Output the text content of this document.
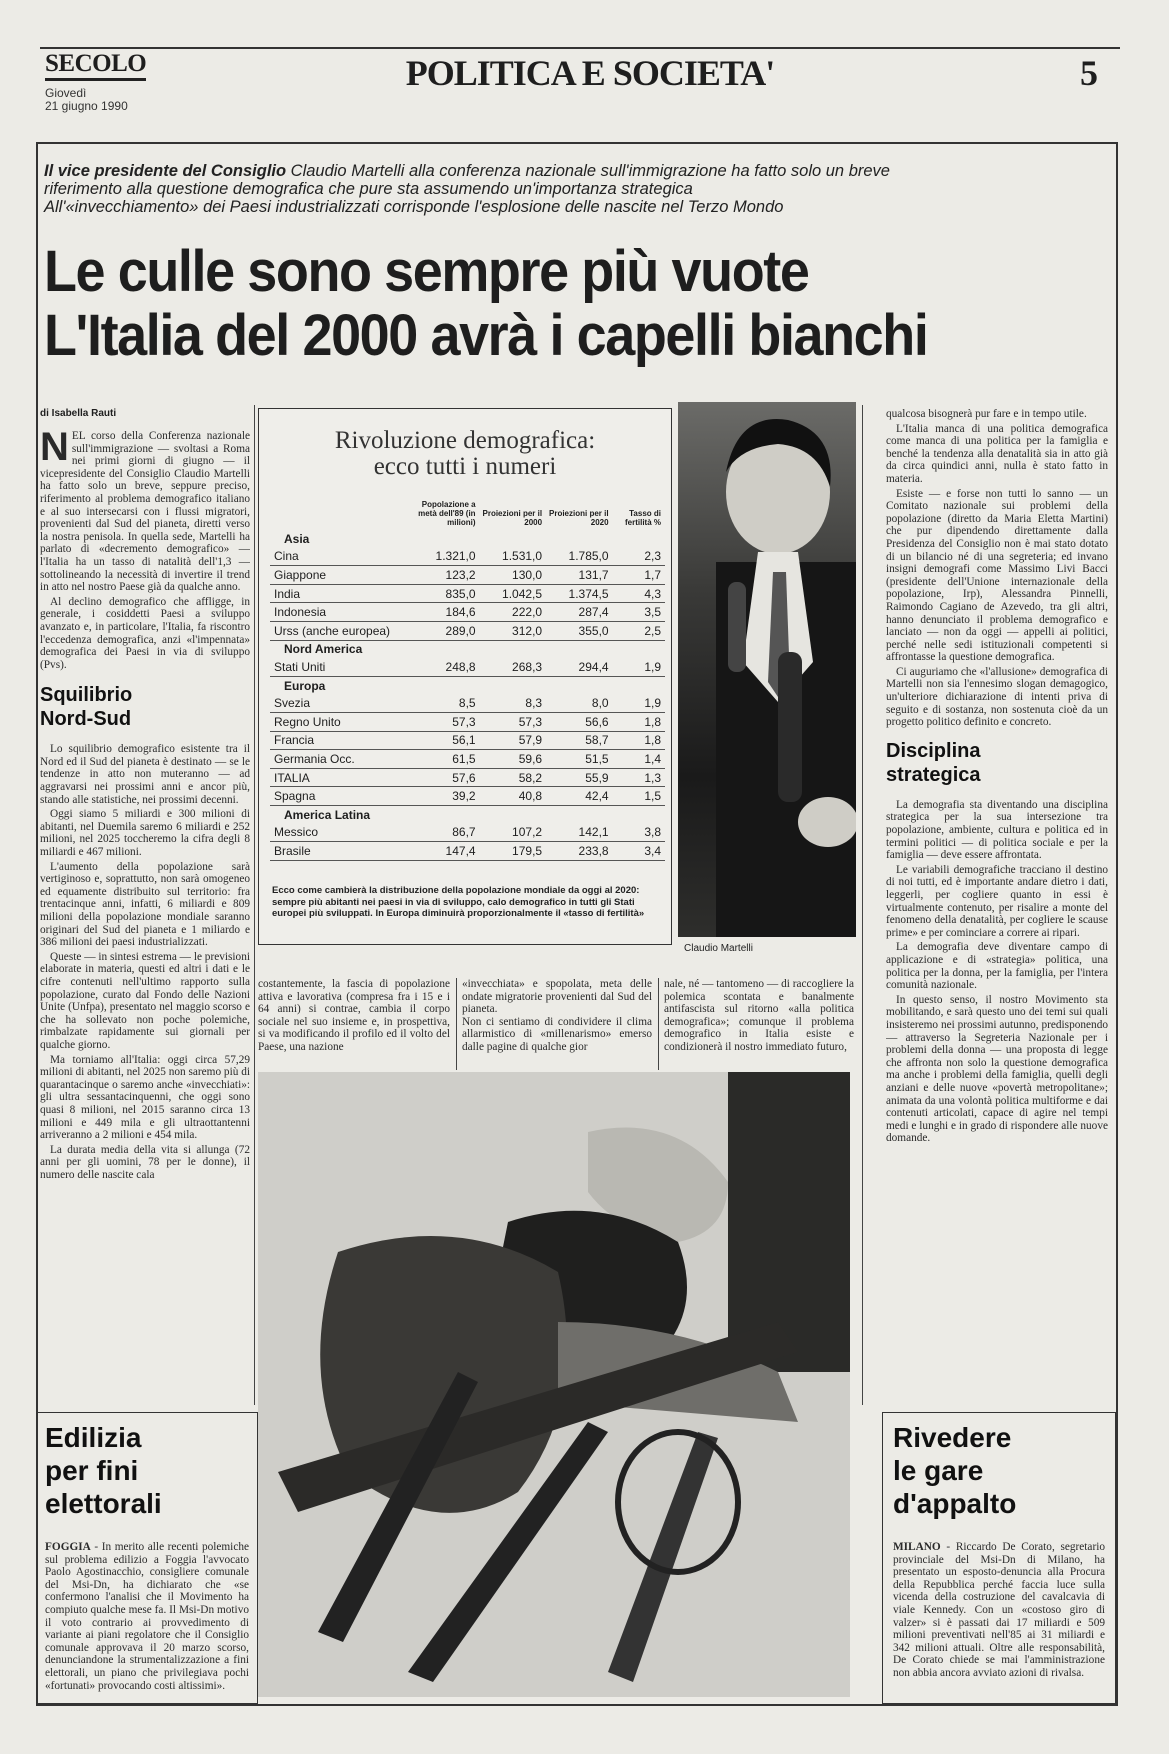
SECOLO
Giovedì
21 giugno 1990
POLITICA E SOCIETA'	5
Il vice presidente del Consiglio Claudio Martelli alla conferenza nazionale sull'immigrazione ha fatto solo un breve riferimento alla questione demografica che pure sta assumendo un'importanza strategica
All'«invecchiamento» dei Paesi industrializzati corrisponde l'esplosione delle nascite nel Terzo Mondo
Le culle sono sempre più vuote
L'Italia del 2000 avrà i capelli bianchi
di Isabella Rauti

NEL corso della Conferenza nazionale sull'immigrazione — svoltasi a Roma nei primi giorni di giugno — il vicepresidente del Consiglio Claudio Martelli ha fatto solo un breve, seppure preciso, riferimento al problema demografico italiano e al suo intersecarsi con i flussi migratori, provenienti dal Sud del pianeta, diretti verso la nostra penisola. In quella sede, Martelli ha parlato di «decremento demografico» — l'Italia ha un tasso di natalità dell'1,3 — sottolineando la necessità di invertire il trend in atto nel nostro Paese già da qualche anno.

Al declino demografico che affligge, in generale, i cosiddetti Paesi a sviluppo avanzato e, in particolare, l'Italia, fa riscontro l'eccedenza demografica, anzi «l'impennata» demografica dei Paesi in via di sviluppo (Pvs).

Squilibrio
Nord-Sud

Lo squilibrio demografico esistente tra il Nord ed il Sud del pianeta è destinato — se le tendenze in atto non muteranno — ad aggravarsi nei prossimi anni e ancor più, stando alle statistiche, nei prossimi decenni.

Oggi siamo 5 miliardi e 300 milioni di abitanti, nel Duemila saremo 6 miliardi e 252 milioni, nel 2025 toccheremo la cifra degli 8 miliardi e 467 milioni.

L'aumento della popolazione sarà vertiginoso e, soprattutto, non sarà omogeneo ed equamente distribuito sul territorio: fra trentacinque anni, infatti, 6 miliardi e 809 milioni della popolazione mondiale saranno originari del Sud del pianeta e 1 miliardo e 386 milioni dei paesi industrializzati.

Queste — in sintesi estrema — le previsioni elaborate in materia, questi ed altri i dati e le cifre contenuti nell'ultimo rapporto sulla popolazione, curato dal Fondo delle Nazioni Unite (Unfpa), presentato nel maggio scorso e che ha sollevato non poche polemiche, rimbalzate rapidamente sui giornali per qualche giorno.

Ma torniamo all'Italia: oggi circa 57,29 milioni di abitanti, nel 2025 non saremo più di quarantacinque o saremo anche «invecchiati»: gli ultra sessantacinquenni, che oggi sono quasi 8 milioni, nel 2015 saranno circa 13 milioni e 449 mila e gli ultraottantenni arriveranno a 2 milioni e 454 mila.

La durata media della vita si allunga (72 anni per gli uomini, 78 per le donne), il numero delle nascite cala

Rivoluzione demografica:
ecco tutti i numeri
	Popolazione a metà dell'89 (in milioni)	Proiezioni per il 2000	Proiezioni per il 2020	Tasso di fertilità %
Asia				
Cina	1.321,0	1.531,0	1.785,0	2,3
Giappone	123,2	130,0	131,7	1,7
India	835,0	1.042,5	1.374,5	4,3
Indonesia	184,6	222,0	287,4	3,5
Urss (anche europea)	289,0	312,0	355,0	2,5
Nord America				
Stati Uniti	248,8	268,3	294,4	1,9
Europa				
Svezia	8,5	8,3	8,0	1,9
Regno Unito	57,3	57,3	56,6	1,8
Francia	56,1	57,9	58,7	1,8
Germania Occ.	61,5	59,6	51,5	1,4
ITALIA	57,6	58,2	55,9	1,3
Spagna	39,2	40,8	42,4	1,5
America Latina				
Messico	86,7	107,2	142,1	3,8
Brasile	147,4	179,5	233,8	3,4
Ecco come cambierà la distribuzione della popolazione mondiale da oggi al 2020: sempre più abitanti nei paesi in via di sviluppo, calo demografico in tutti gli Stati europei più sviluppati. In Europa diminuirà proporzionalmente il «tasso di fertilità»
Claudio Martelli
costantemente, la fascia di popolazione attiva e lavorativa (compresa fra i 15 e i 64 anni) si contrae, cambia il corpo sociale nel suo insieme e, in prospettiva, si va modificando il profilo ed il volto del Paese, una nazione
«invecchiata» e spopolata, meta delle ondate migratorie provenienti dal Sud del pianeta.
Non ci sentiamo di condividere il clima allarmistico di «millenarismo» emerso dalle pagine di qualche gior
nale, né — tantomeno — di raccogliere la polemica scontata e banalmente antifascista sul ritorno «alla politica demografica»; comunque il problema demografico in Italia esiste e condizionerà il nostro immediato futuro,

qualcosa bisognerà pur fare e in tempo utile.

L'Italia manca di una politica demografica come manca di una politica per la famiglia e benché la tendenza alla denatalità sia in atto già da circa quindici anni, nulla è stato fatto in materia.

Esiste — e forse non tutti lo sanno — un Comitato nazionale sui problemi della popolazione (diretto da Maria Eletta Martini) che pur dipendendo direttamente dalla Presidenza del Consiglio non è mai stato dotato di un bilancio né di una segreteria; ed invano insigni demografi come Massimo Livi Bacci (presidente dell'Unione internazionale della popolazione, Irp), Alessandra Pinnelli, Raimondo Cagiano de Azevedo, tra gli altri, hanno denunciato il problema demografico e lanciato — non da oggi — appelli ai politici, perché nelle sedi istituzionali competenti si affrontasse la questione demografica.

Ci auguriamo che «l'allusione» demografica di Martelli non sia l'ennesimo slogan demagogico, un'ulteriore dichiarazione di intenti priva di seguito e di sostanza, non sostenuta cioè da un progetto politico definito e concreto.

Disciplina
strategica

La demografia sta diventando una disciplina strategica per la sua intersezione tra popolazione, ambiente, cultura e politica ed in termini politici — di politica sociale e per la famiglia — deve essere affrontata.

Le variabili demografiche tracciano il destino di noi tutti, ed è importante andare dietro i dati, leggerli, per cogliere quanto in essi è virtualmente contenuto, per risalire a monte del fenomeno della denatalità, per cogliere le scause prime» e per cominciare a correre ai ripari.

La demografia deve diventare campo di applicazione e di «strategia» politica, una politica per la donna, per la famiglia, per l'intera comunità nazionale.

In questo senso, il nostro Movimento sta mobilitando, e sarà questo uno dei temi sui quali insisteremo nei prossimi autunno, predisponendo — attraverso la Segreteria Nazionale per i problemi della donna — una proposta di legge che affronta non solo la questione demografica ma anche i problemi della famiglia, quelli degli anziani e delle nuove «povertà metropolitane»; animata da una volontà politica multiforme e dai contenuti articolati, capace di agire nel tempi medi e lunghi e in grado di rispondere alle nuove domande.

Edilizia
per fini
elettorali
FOGGIA - In merito alle recenti polemiche sul problema edilizio a Foggia l'avvocato Paolo Agostinacchio, consigliere comunale del Msi-Dn, ha dichiarato che «se confermono l'analisi che il Movimento ha compiuto qualche mese fa. Il Msi-Dn motivo il voto contrario ai provvedimento di variante ai piani regolatore che il Consiglio comunale approvava il 20 marzo scorso, denunciandone la strumentalizzazione a fini elettorali, un piano che privilegiava pochi «fortunati» provocando costi altissimi».
Rivedere
le gare
d'appalto
MILANO - Riccardo De Corato, segretario provinciale del Msi-Dn di Milano, ha presentato un esposto-denuncia alla Procura della Repubblica perché faccia luce sulla vicenda della costruzione del cavalcavia di viale Kennedy. Con un «costoso giro di valzer» si è passati dai 17 miliardi e 509 milioni preventivati nell'85 ai 31 miliardi e 342 milioni attuali. Oltre alle responsabilità, De Corato chiede se mai l'amministrazione non abbia ancora avviato azioni di rivalsa.
